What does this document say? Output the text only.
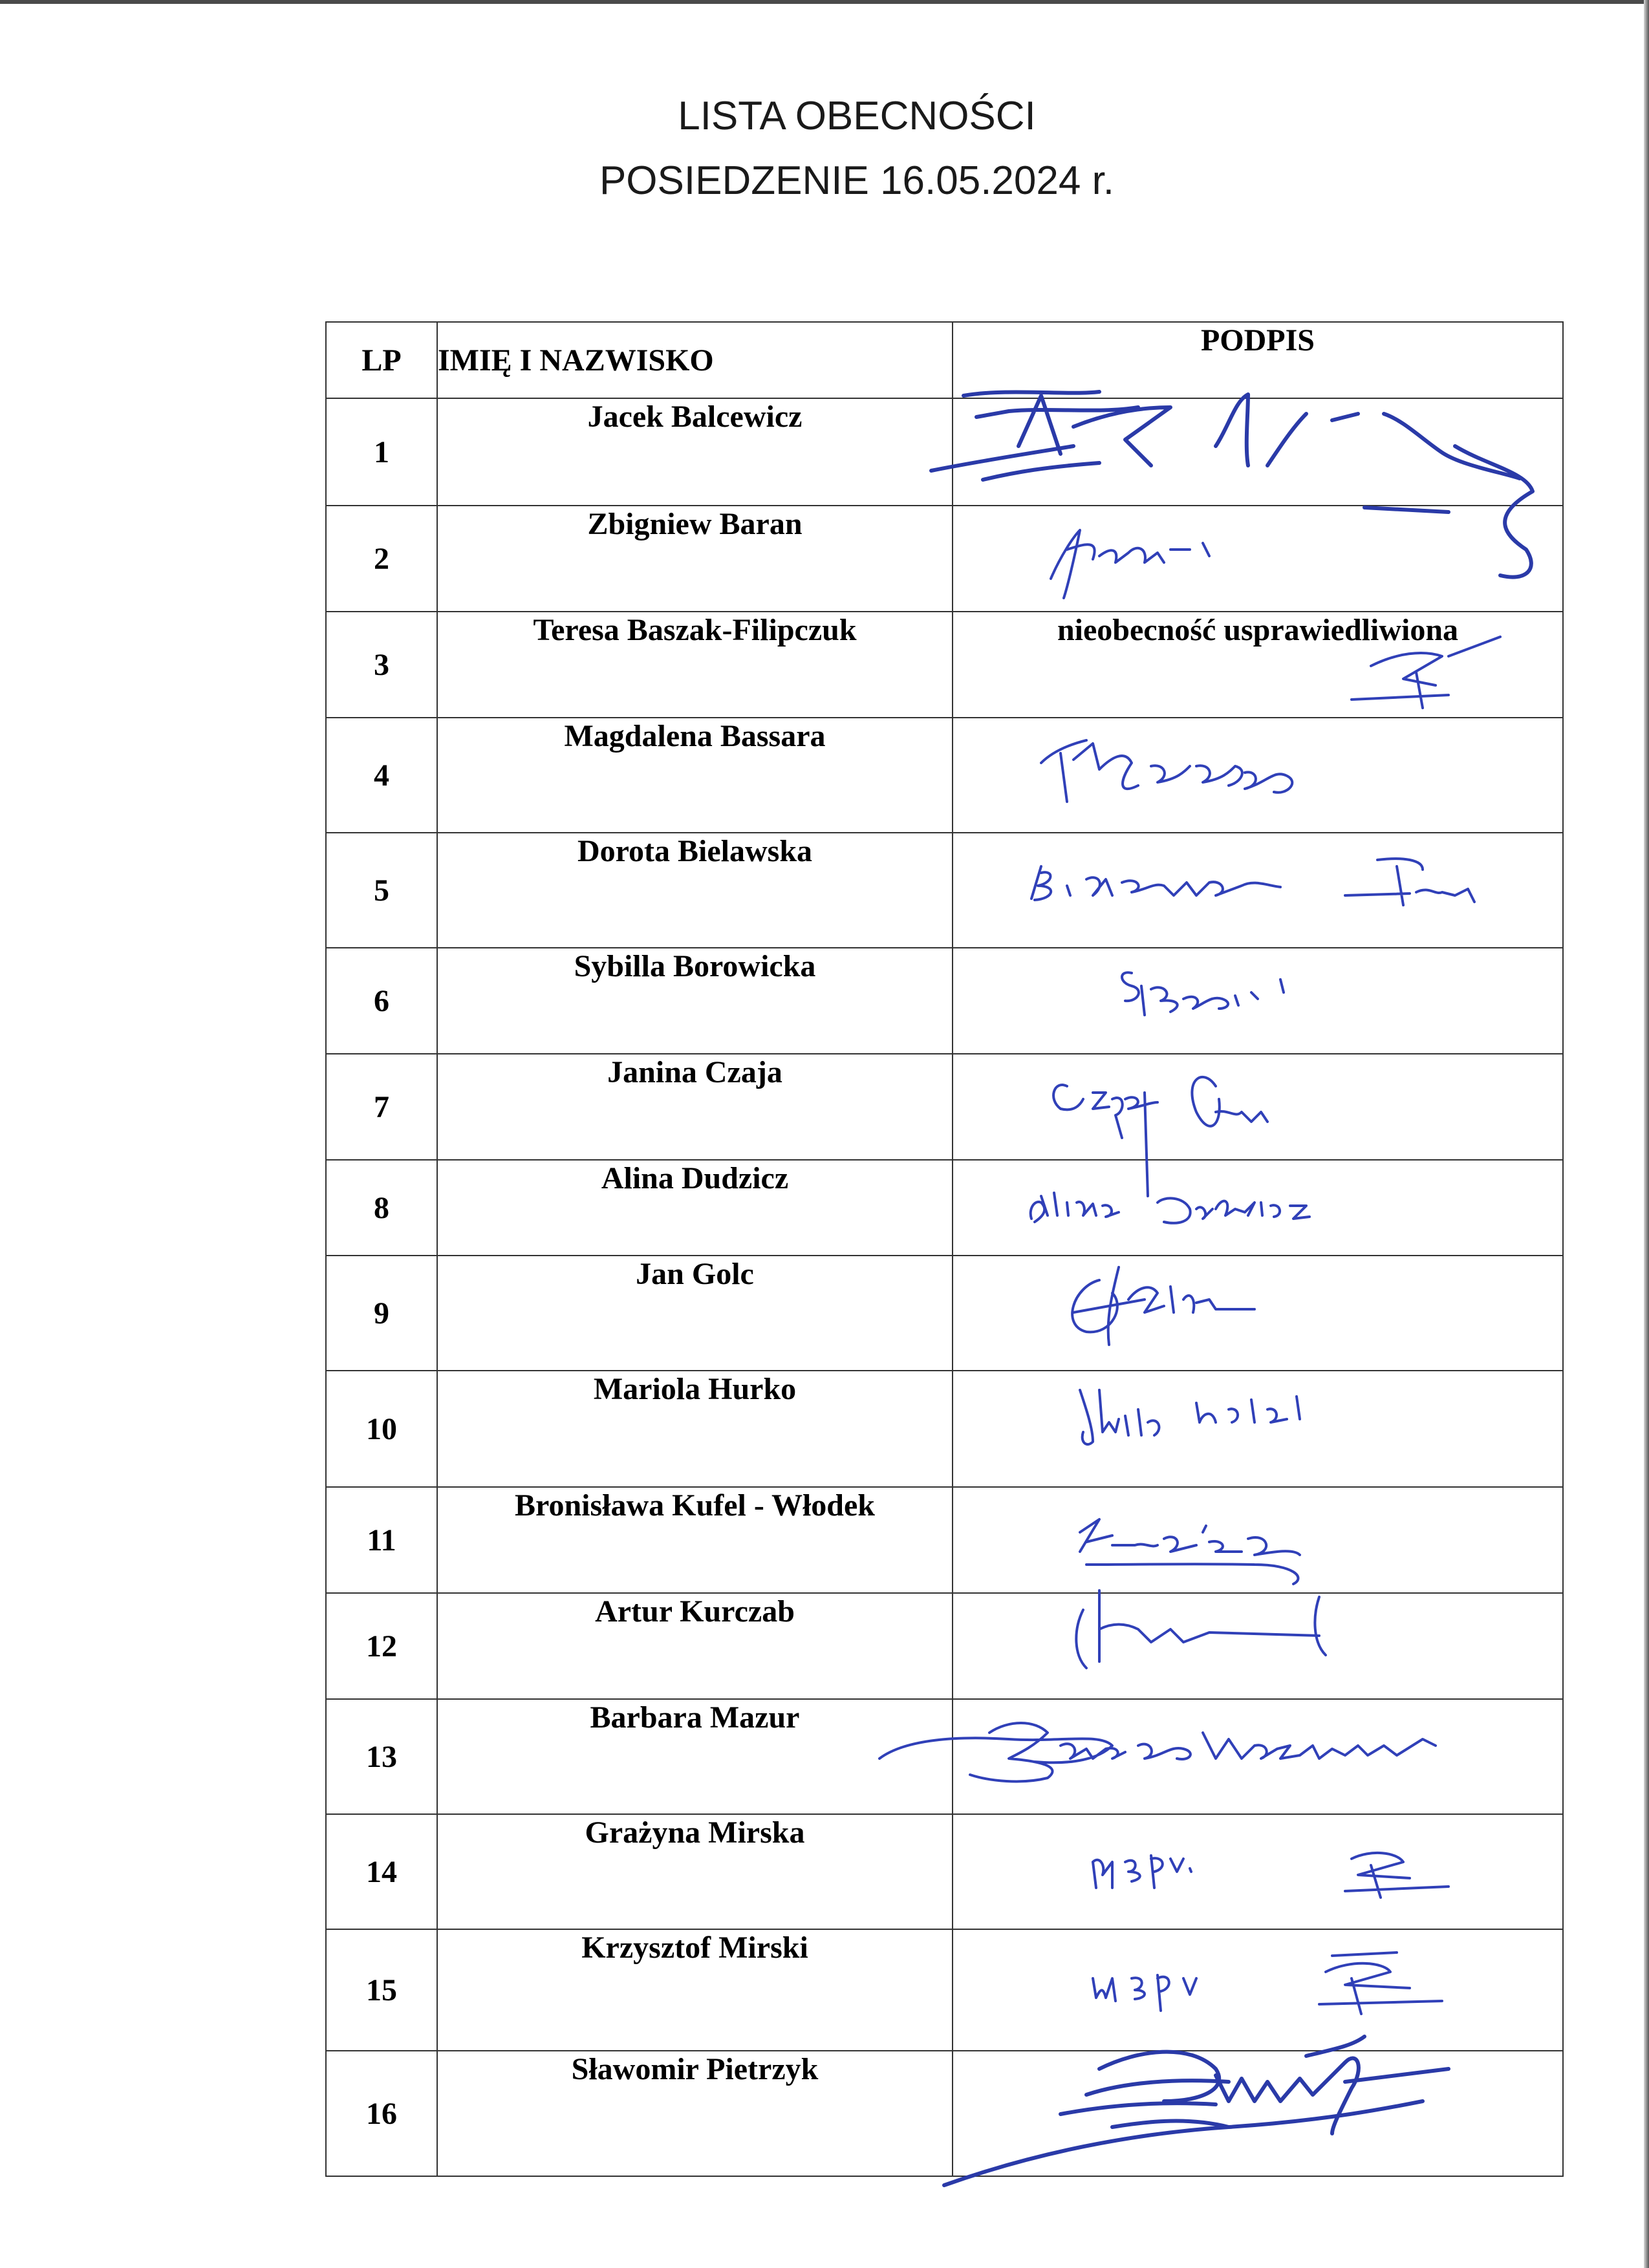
LISTA OBECNOŚCI
POSIEDZENIE 16.05.2024 r.
LP	IMIĘ I NAZWISKO	PODPIS
1	Jacek Balcewicz	
2	Zbigniew Baran	
3	Teresa Baszak-Filipczuk	nieobecność usprawiedliwiona
4	Magdalena Bassara	
5	Dorota Bielawska	
6	Sybilla Borowicka	
7	Janina Czaja	
8	Alina Dudzicz	
9	Jan Golc	
10	Mariola Hurko	
11	Bronisława Kufel - Włodek	
12	Artur Kurczab	
13	Barbara Mazur	
14	Grażyna Mirska	
15	Krzysztof Mirski	
16	Sławomir Pietrzyk	
